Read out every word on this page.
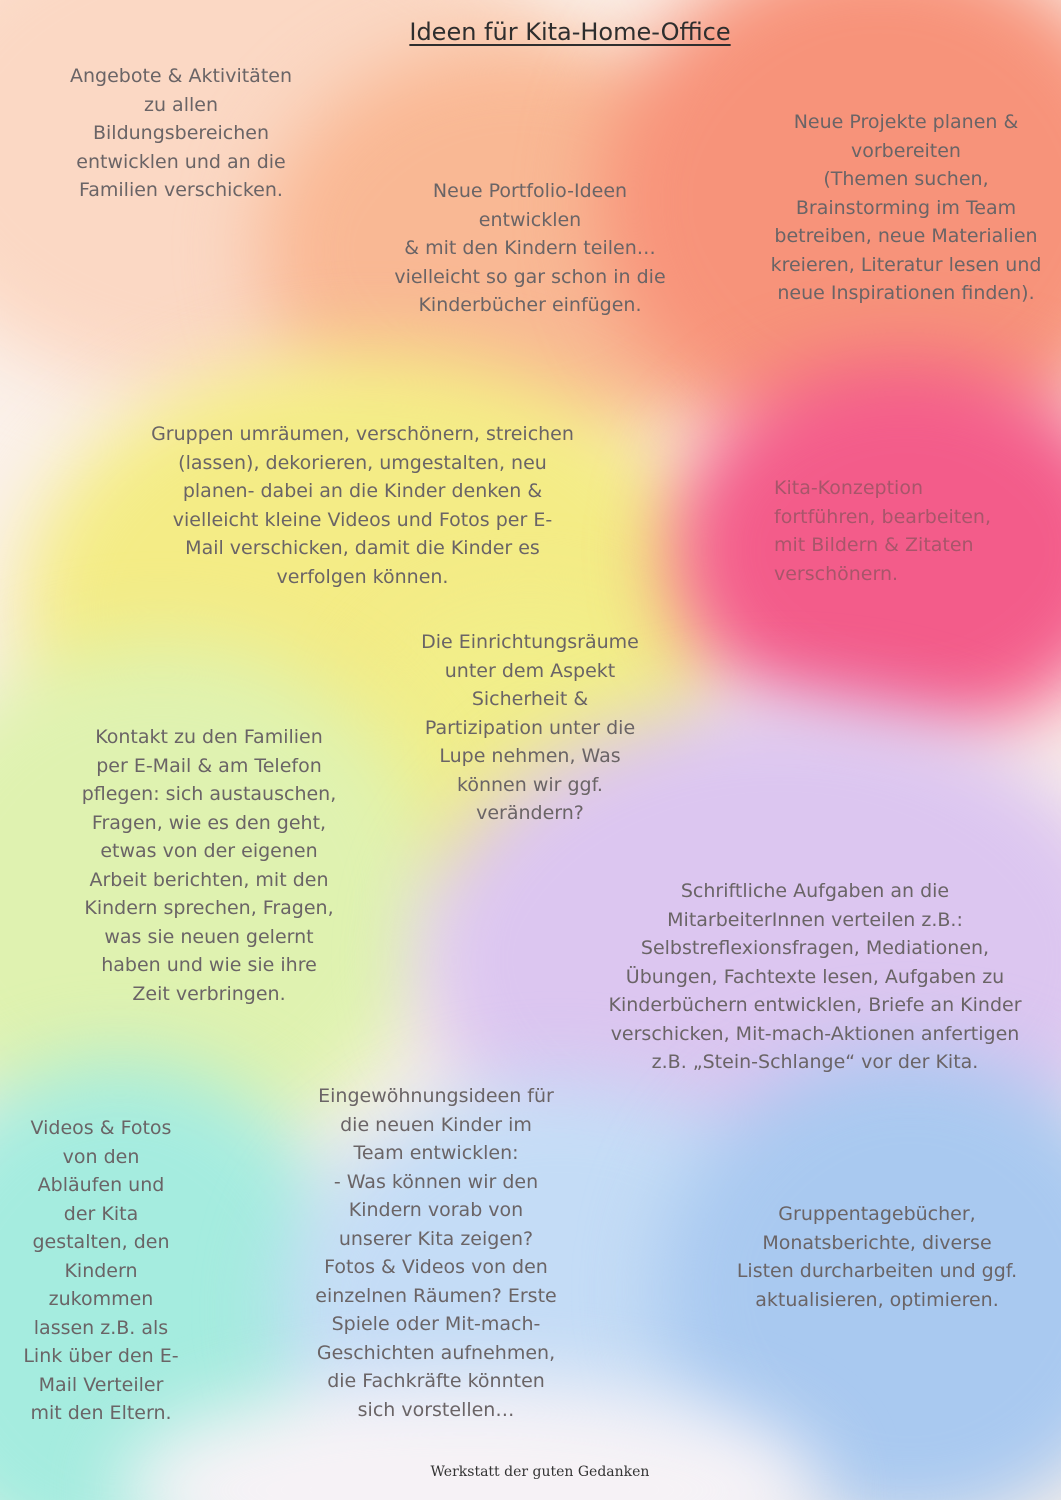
Ideen für Kita-Home-Office

Angebote & Aktivitäten
zu allen
Bildungsbereichen
entwicklen und an die
Familien verschicken.	Neue Portfolio-Ideen
entwicklen
& mit den Kindern teilen…
vielleicht so gar schon in die
Kinderbücher einfügen.

Neue Projekte planen &
vorbereiten
(Themen suchen,
Brainstorming im Team
betreiben, neue Materialien
kreieren, Literatur lesen und
neue Inspirationen finden).

Gruppen umräumen, verschönern, streichen
(lassen), dekorieren, umgestalten, neu
planen- dabei an die Kinder denken &
vielleicht kleine Videos und Fotos per E-
Mail verschicken, damit die Kinder es
verfolgen können.

Kita-Konzeption
fortführen, bearbeiten,
mit Bildern & Zitaten
verschönern.

Die Einrichtungsräume
unter dem Aspekt
Sicherheit &
Partizipation unter die
Lupe nehmen, Was
können wir ggf.
verändern?

Kontakt zu den Familien
per E-Mail & am Telefon
pflegen: sich austauschen,
Fragen, wie es den geht,
etwas von der eigenen
Arbeit berichten, mit den
Kindern sprechen, Fragen,
was sie neuen gelernt
haben und wie sie ihre
Zeit verbringen.

Schriftliche Aufgaben an die
MitarbeiterInnen verteilen z.B.:
Selbstreflexionsfragen, Mediationen,
Übungen, Fachtexte lesen, Aufgaben zu
Kinderbüchern entwicklen, Briefe an Kinder
verschicken, Mit-mach-Aktionen anfertigen
z.B. „Stein-Schlange“ vor der Kita.

Videos & Fotos
von den
Abläufen und
der Kita
gestalten, den
Kindern
zukommen
lassen z.B. als
Link über den E-
Mail Verteiler
mit den Eltern.

Eingewöhnungsideen für
die neuen Kinder im
Team entwicklen:
- Was können wir den
Kindern vorab von
unserer Kita zeigen?
Fotos & Videos von den
einzelnen Räumen? Erste
Spiele oder Mit-mach-
Geschichten aufnehmen,
die Fachkräfte könnten
sich vorstellen…

Gruppentagebücher,
Monatsberichte, diverse
Listen durcharbeiten und ggf.
aktualisieren, optimieren.

Werkstatt der guten Gedanken
